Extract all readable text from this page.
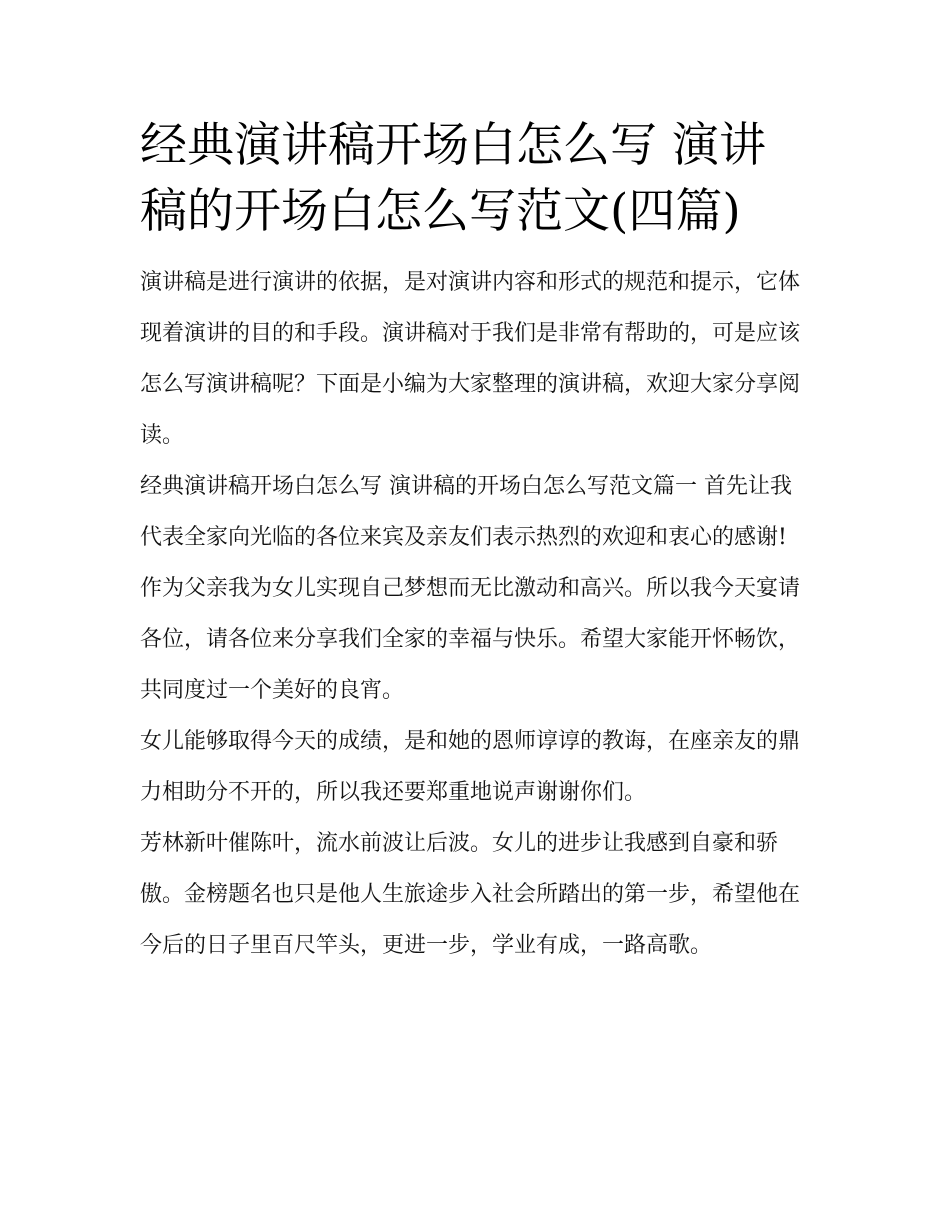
经典演讲稿开场白怎么写 演讲稿的开场白怎么写范文(四篇)

演讲稿是进行演讲的依据，是对演讲内容和形式的规范和提示，它体现着演讲的目的和手段。演讲稿对于我们是非常有帮助的，可是应该怎么写演讲稿呢？下面是小编为大家整理的演讲稿，欢迎大家分享阅读。

经典演讲稿开场白怎么写 演讲稿的开场白怎么写范文篇一 首先让我代表全家向光临的各位来宾及亲友们表示热烈的欢迎和衷心的感谢!

作为父亲我为女儿实现自己梦想而无比激动和高兴。所以我今天宴请各位，请各位来分享我们全家的幸福与快乐。希望大家能开怀畅饮，共同度过一个美好的良宵。

女儿能够取得今天的成绩，是和她的恩师谆谆的教诲，在座亲友的鼎力相助分不开的，所以我还要郑重地说声谢谢你们。

芳林新叶催陈叶，流水前波让后波。女儿的进步让我感到自豪和骄傲。金榜题名也只是他人生旅途步入社会所踏出的第一步，希望他在今后的日子里百尺竿头，更进一步，学业有成，一路高歌。
